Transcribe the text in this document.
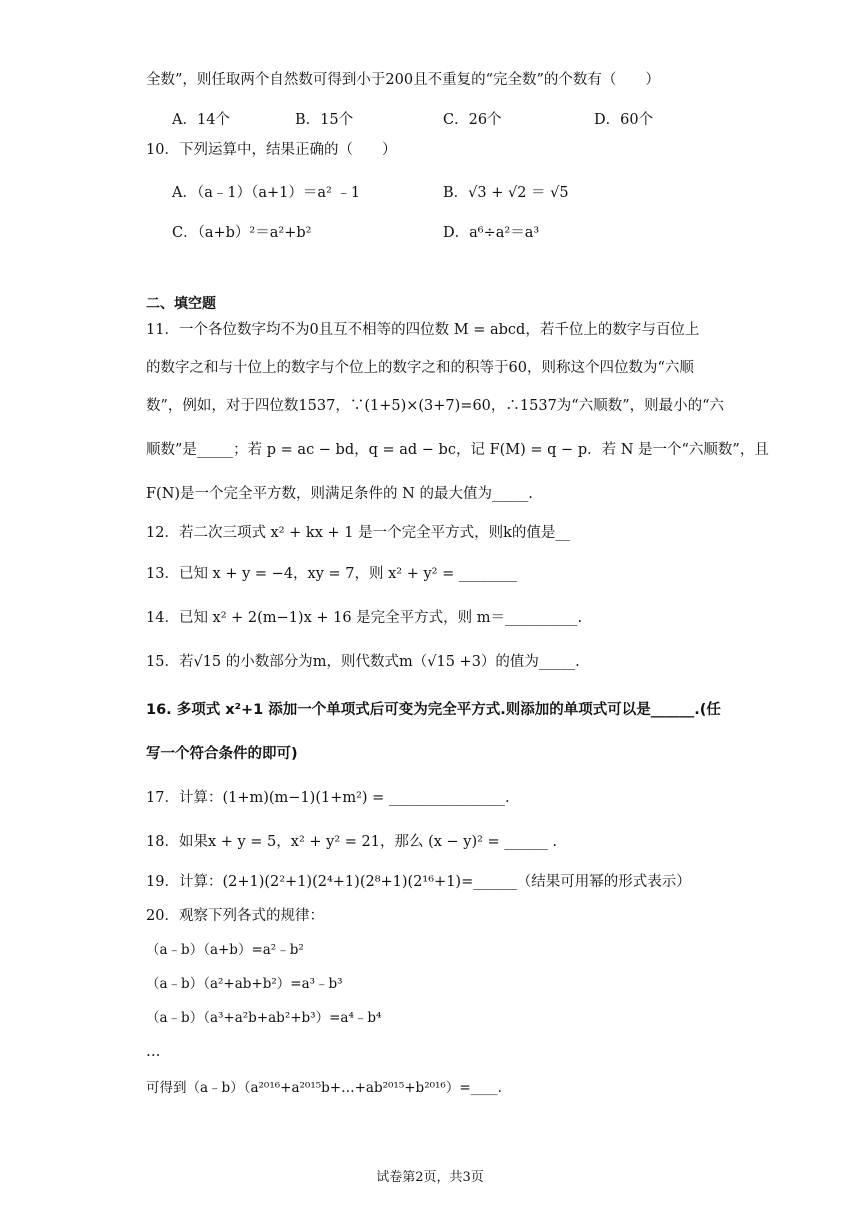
全数”，则任取两个自然数可得到小于200且不重复的“完全数”的个数有（　　）
A．14个	B．15个	C．26个	D．60个
10．下列运算中，结果正确的（　　）
A．（a﹣1）（a+1）＝a² ﹣1	B．√3 + √2 ＝ √5
C．（a+b）²＝a²+b²	D．a⁶÷a²＝a³
二、填空题
11．一个各位数字均不为0且互不相等的四位数 M = abcd，若千位上的数字与百位上
的数字之和与十位上的数字与个位上的数字之和的积等于60，则称这个四位数为“六顺
数”，例如，对于四位数1537，∵(1+5)×(3+7)=60，∴1537为“六顺数”，则最小的“六
顺数”是_____；若 p = ac − bd，q = ad − bc，记 F(M) = q − p．若 N 是一个“六顺数”，且
F(N)是一个完全平方数，则满足条件的 N 的最大值为_____.
12．若二次三项式 x² + kx + 1 是一个完全平方式，则k的值是__
13．已知 x + y = −4，xy = 7，则 x² + y² = ________
14．已知 x² + 2(m−1)x + 16 是完全平方式，则 m＝__________.
15．若√15 的小数部分为m，则代数式m（√15 +3）的值为_____.
16. 多项式 x²+1 添加一个单项式后可变为完全平方式.则添加的单项式可以是______.(任
写一个符合条件的即可)
17．计算：(1+m)(m−1)(1+m²) = ________________.
18．如果x + y = 5，x² + y² = 21，那么 (x − y)² = ______ .
19．计算：(2+1)(2²+1)(2⁴+1)(2⁸+1)(2¹⁶+1)=______（结果可用幂的形式表示）
20．观察下列各式的规律：
（a﹣b）（a+b）=a²﹣b²
（a﹣b）（a²+ab+b²）=a³﹣b³
（a﹣b）（a³+a²b+ab²+b³）=a⁴﹣b⁴
…
可得到（a﹣b）（a²⁰¹⁶+a²⁰¹⁵b+…+ab²⁰¹⁵+b²⁰¹⁶）=____.
试卷第2页，共3页
